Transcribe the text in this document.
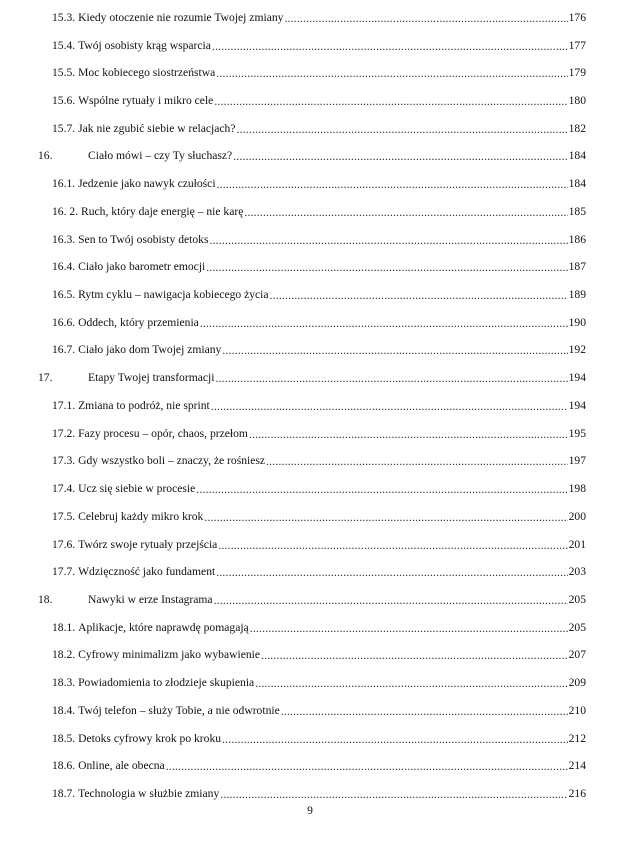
15.3. Kiedy otoczenie nie rozumie Twojej zmiany .....	176
15.4. Twój osobisty krąg wsparcia .....	177
15.5. Moc kobiecego siostrzeństwa .....	179
15.6. Wspólne rytuały i mikro cele .....	180
15.7. Jak nie zgubić siebie w relacjach? .....	182
16.	Ciało mówi – czy Ty słuchasz? .....	184
16.1. Jedzenie jako nawyk czułości .....	184
16. 2. Ruch, który daje energię – nie karę .....	185
16.3. Sen to Twój osobisty detoks .....	186
16.4. Ciało jako barometr emocji .....	187
16.5. Rytm cyklu – nawigacja kobiecego życia .....	189
16.6. Oddech, który przemienia .....	190
16.7. Ciało jako dom Twojej zmiany .....	192
17.	Etapy Twojej transformacji .....	194
17.1. Zmiana to podróż, nie sprint .....	194
17.2. Fazy procesu – opór, chaos, przełom .....	195
17.3. Gdy wszystko boli – znaczy, że rośniesz .....	197
17.4. Ucz się siebie w procesie .....	198
17.5. Celebruj każdy mikro krok .....	200
17.6. Twórz swoje rytuały przejścia .....	201
17.7. Wdzięczność jako fundament .....	203
18.	Nawyki w erze Instagrama .....	205
18.1. Aplikacje, które naprawdę pomagają .....	205
18.2. Cyfrowy minimalizm jako wybawienie .....	207
18.3. Powiadomienia to złodzieje skupienia .....	209
18.4. Twój telefon – służy Tobie, a nie odwrotnie .....	210
18.5. Detoks cyfrowy krok po kroku .....	212
18.6. Online, ale obecna .....	214
18.7. Technologia w służbie zmiany .....	216
9
